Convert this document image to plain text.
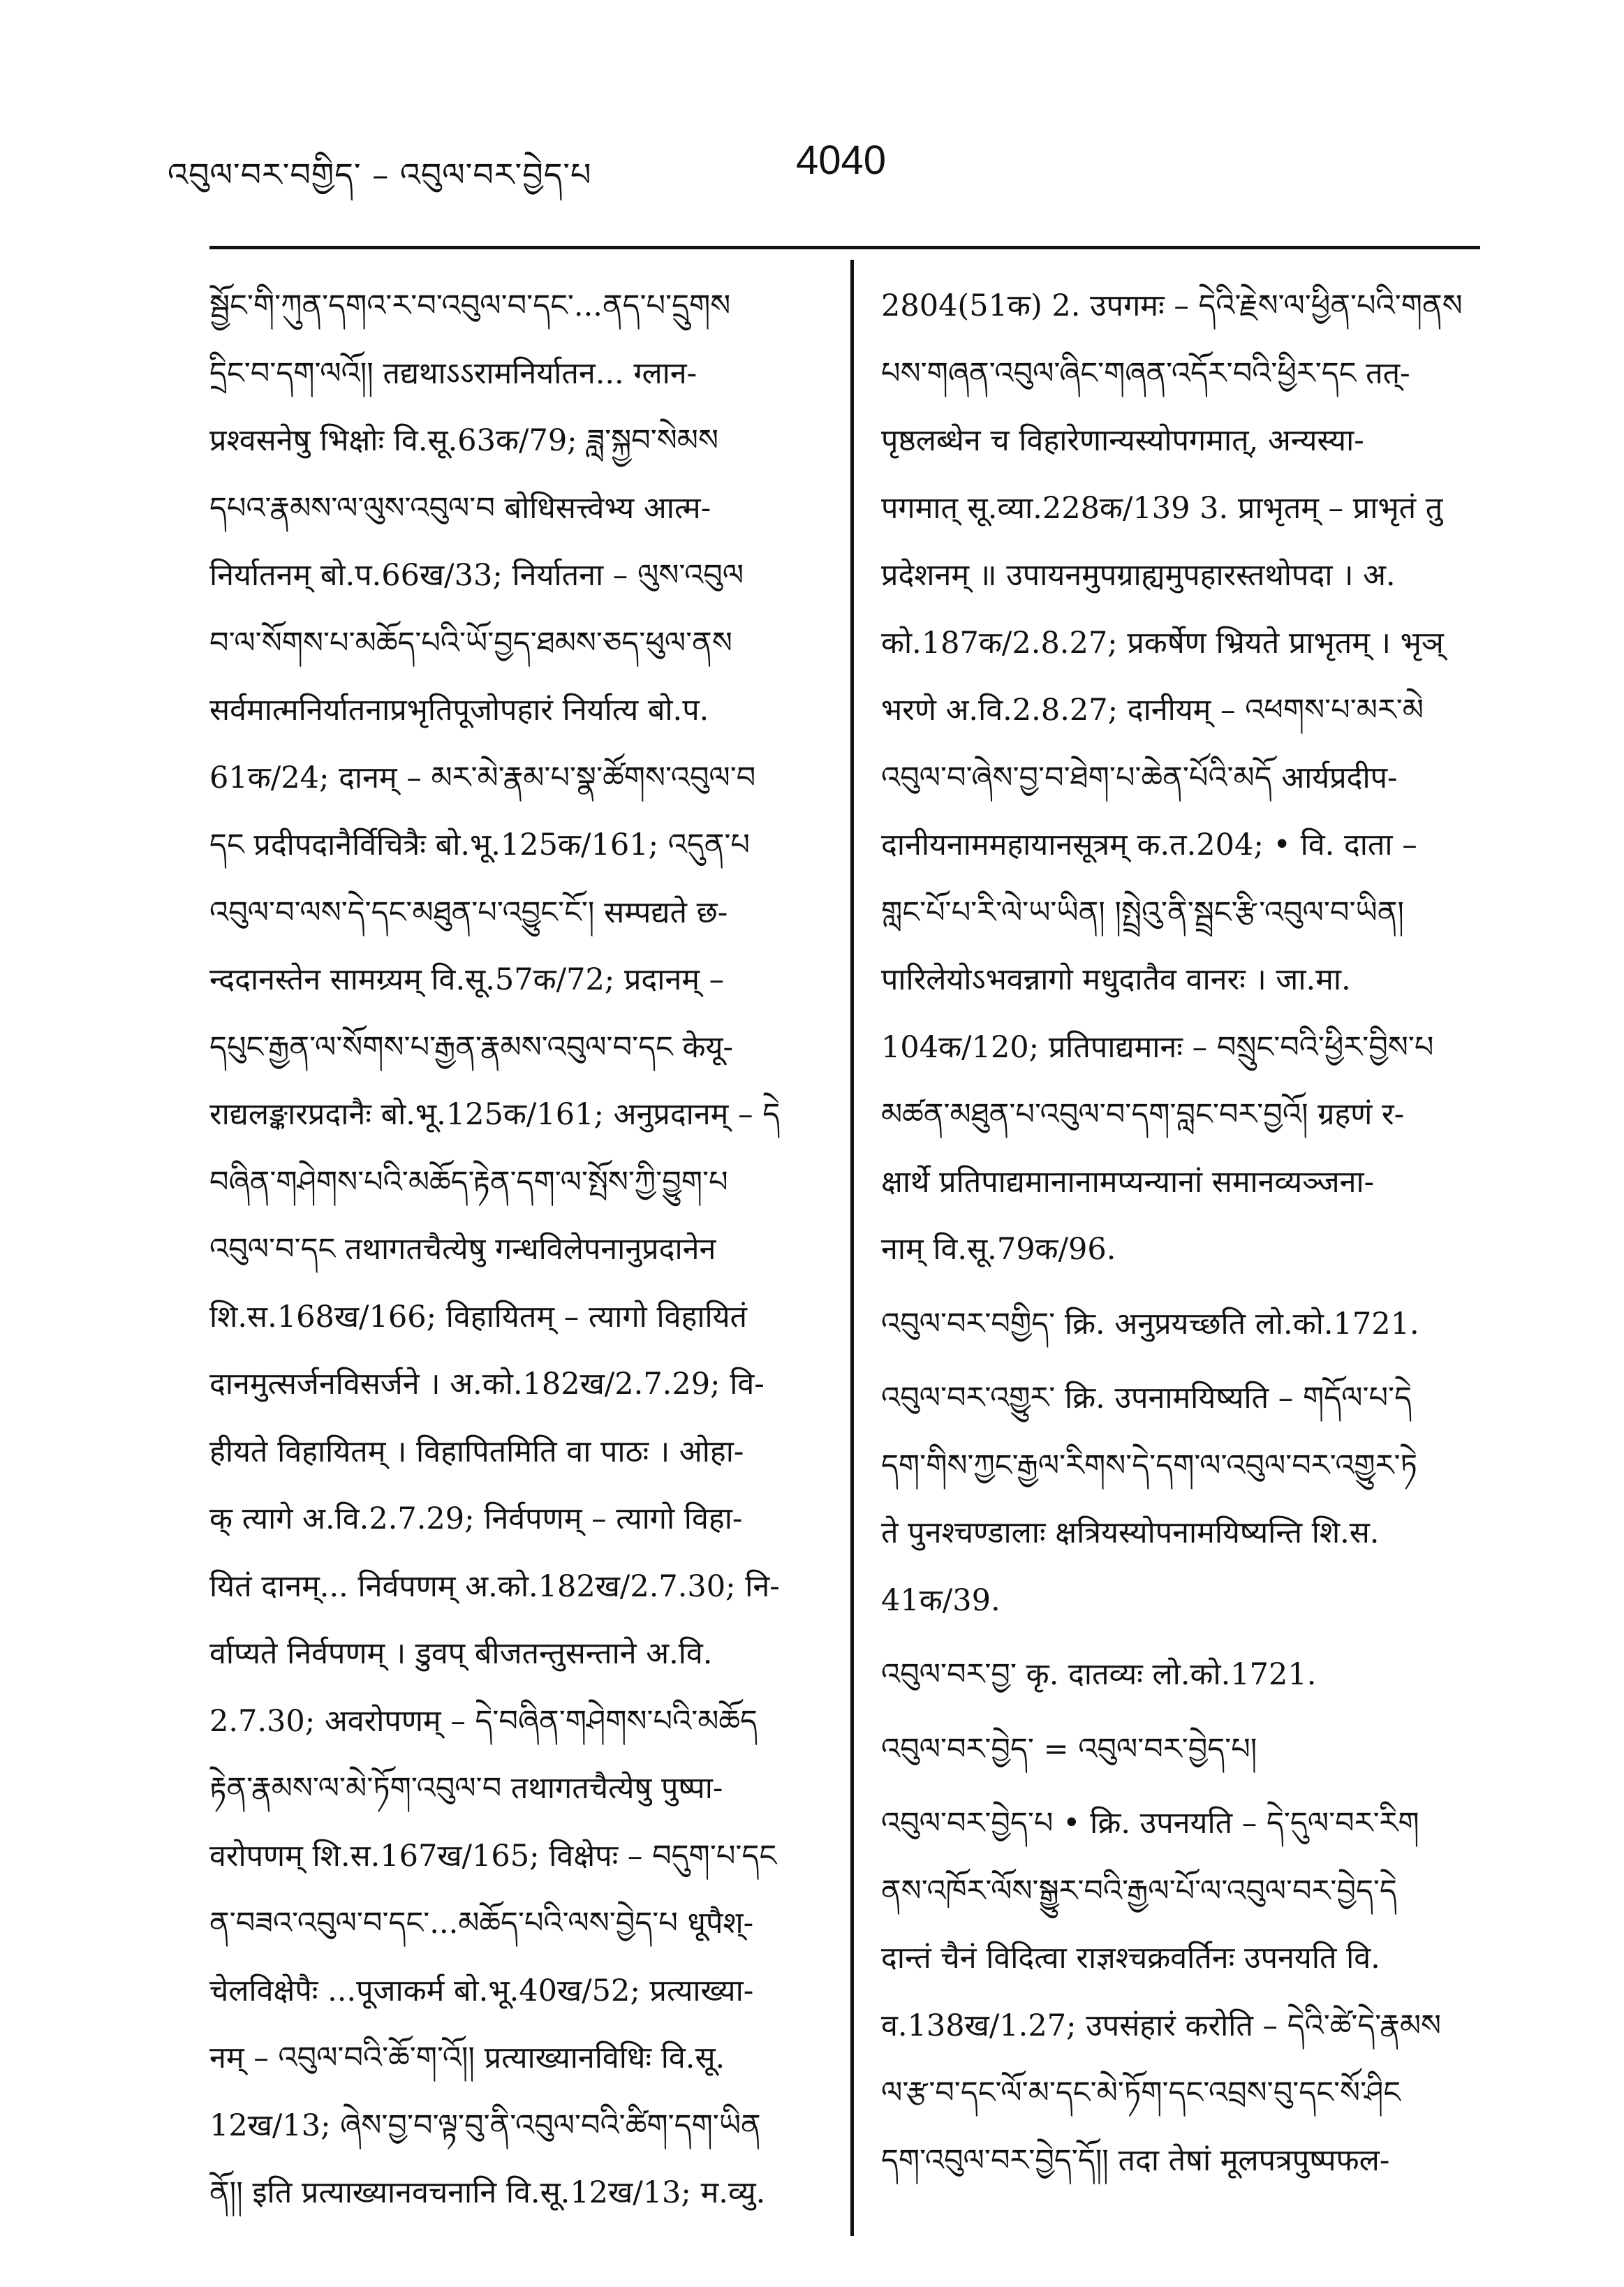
འབུལ་བར་བགྱིད་ – འབུལ་བར་བྱེད་པ	4040
སྦྱོང་གི་ཀུན་དགའ་ར་བ་འབུལ་བ་དང་...ནད་པ་དྲུགས
དྲིང་བ་དག་ལའོ།། तद्यथाऽऽरामनिर्यातन... ग्लान-
प्रश्वसनेषु भिक्षोः वि.सू.63क/79; ཟླ་སྐྱབ་སེམས
དཔའ་རྣམས་ལ་ལུས་འབུལ་བ बोधिसत्त्वेभ्य आत्म-
निर्यातनम् बो.प.66ख/33; निर्यातना – ལུས་འབུལ
བ་ལ་སོགས་པ་མཆོད་པའི་ཡོ་བྱད་ཐམས་ཅད་ཕུལ་ནས
सर्वमात्मनिर्यातनाप्रभृतिपूजोपहारं निर्यात्य बो.प.
61क/24; दानम् – མར་མེ་རྣམ་པ་སྣ་ཚོགས་འབུལ་བ
དང प्रदीपदानैर्विचित्रैः बो.भू.125क/161; འདུན་པ
འབུལ་བ་ལས་དེ་དང་མཐུན་པ་འབྱུང་ངོ་། सम्पद्यते छ-
न्ददानस्तेन सामग्र्यम् वि.सू.57क/72; प्रदानम् –
དཔུང་རྒྱན་ལ་སོགས་པ་རྒྱན་རྣམས་འབུལ་བ་དང केयू-
राद्यलङ्कारप्रदानैः बो.भू.125क/161; अनुप्रदानम् – དེ
བཞིན་གཤེགས་པའི་མཆོད་རྟེན་དག་ལ་སྤོས་ཀྱི་བྱུག་པ
འབུལ་བ་དང तथागतचैत्येषु गन्धविलेपनानुप्रदानेन
शि.स.168ख/166; विहायितम् – त्यागो विहायितं
दानमुत्सर्जनविसर्जने । अ.को.182ख/2.7.29; वि-
हीयते विहायितम् । विहापितमिति वा पाठः । ओहा-
क् त्यागे अ.वि.2.7.29; निर्वपणम् – त्यागो विहा-
यितं दानम्... निर्वपणम् अ.को.182ख/2.7.30; नि-
र्वाप्यते निर्वपणम् । डुवप् बीजतन्तुसन्ताने अ.वि.
2.7.30; अवरोपणम् – དེ་བཞིན་གཤེགས་པའི་མཆོད
རྟེན་རྣམས་ལ་མེ་ཏོག་འབུལ་བ तथागतचैत्येषु पुष्पा-
वरोपणम् शि.स.167ख/165; विक्षेपः – བདུག་པ་དང
ན་བཟའ་འབུལ་བ་དང་...མཆོད་པའི་ལས་བྱེད་པ धूपैश्-
चेलविक्षेपैः ...पूजाकर्म बो.भू.40ख/52; प्रत्याख्या-
नम् – འབུལ་བའི་ཆོ་ག་འོ།། प्रत्याख्यानविधिः वि.सू.
12ख/13; ཞེས་བྱ་བ་ལྟ་བུ་ནི་འབུལ་བའི་ཚིག་དག་ཡིན
ནོ།། इति प्रत्याख्यानवचनानि वि.सू.12ख/13; म.व्यु.
2804(51क) 2. उपगमः – དེའི་རྗེས་ལ་ཕྱིན་པའི་གནས
པས་གཞན་འབུལ་ཞིང་གཞན་འདོར་བའི་ཕྱིར་དང तत्-
पृष्ठलब्धेन च विहारेणान्यस्योपगमात्, अन्यस्या-
पगमात् सू.व्या.228क/139 3. प्राभृतम् – प्राभृतं तु
प्रदेशनम् ॥ उपायनमुपग्राह्यमुपहारस्तथोपदा । अ.
को.187क/2.8.27; प्रकर्षेण भ्रियते प्राभृतम् । भृञ्
भरणे अ.वि.2.8.27; दानीयम् – འཕགས་པ་མར་མེ
འབུལ་བ་ཞེས་བྱ་བ་ཐེག་པ་ཆེན་པོའི་མདོ आर्यप्रदीप-
दानीयनाममहायानसूत्रम् क.त.204; • वि. दाता –
གླང་པོ་པ་རི་ལེ་ཡ་ཡིན། །སྤྲེའུ་ནི་སྦྲང་རྩི་འབུལ་བ་ཡིན།
पारिलेयोऽभवन्नागो मधुदातैव वानरः । जा.मा.
104क/120; प्रतिपाद्यमानः – བསྲུང་བའི་ཕྱིར་བྱིས་པ
མཚན་མཐུན་པ་འབུལ་བ་དག་བླང་བར་བྱའོ། ग्रहणं र-
क्षार्थे प्रतिपाद्यमानानामप्यन्यानां समानव्यञ्जना-
नाम् वि.सू.79क/96.
འབུལ་བར་བགྱིད་ क्रि. अनुप्रयच्छति लो.को.1721.
འབུལ་བར་འགྱུར་ क्रि. उपनामयिष्यति – གདོལ་པ་དེ
དག་གིས་ཀྱང་རྒྱལ་རིགས་དེ་དག་ལ་འབུལ་བར་འགྱུར་ཏེ
ते पुनश्चण्डालाः क्षत्रियस्योपनामयिष्यन्ति शि.स.
41क/39.
འབུལ་བར་བྱ་ कृ. दातव्यः लो.को.1721.
འབུལ་བར་བྱེད་ = འབུལ་བར་བྱེད་པ།
འབུལ་བར་བྱེད་པ • क्रि. उपनयति – དེ་དུལ་བར་རིག
ནས་འཁོར་ལོས་སྒྱུར་བའི་རྒྱལ་པོ་ལ་འབུལ་བར་བྱེད་དེ
दान्तं चैनं विदित्वा राज्ञश्चक्रवर्तिनः उपनयति वि.
व.138ख/1.27; उपसंहारं करोति – དེའི་ཚེ་དེ་རྣམས
ལ་རྩ་བ་དང་ལོ་མ་དང་མེ་ཏོག་དང་འབྲས་བུ་དང་སོ་ཤིང
དག་འབུལ་བར་བྱེད་དོ།། तदा तेषां मूलपत्रपुष्पफल-
